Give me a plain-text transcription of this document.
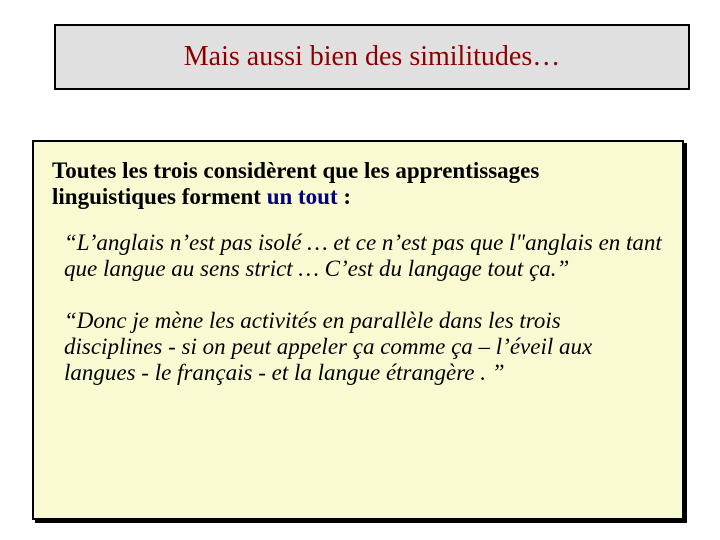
Mais aussi bien des similitudes…

Toutes les trois considèrent que les apprentissages linguistiques forment un tout :

“L’anglais n’est pas isolé … et ce n’est pas que l"anglais en tant que langue au sens strict … C’est du langage tout ça.”

“Donc je mène les activités en parallèle dans les trois disciplines - si on peut appeler ça comme ça – l’éveil aux langues - le français - et la langue étrangère . ”
